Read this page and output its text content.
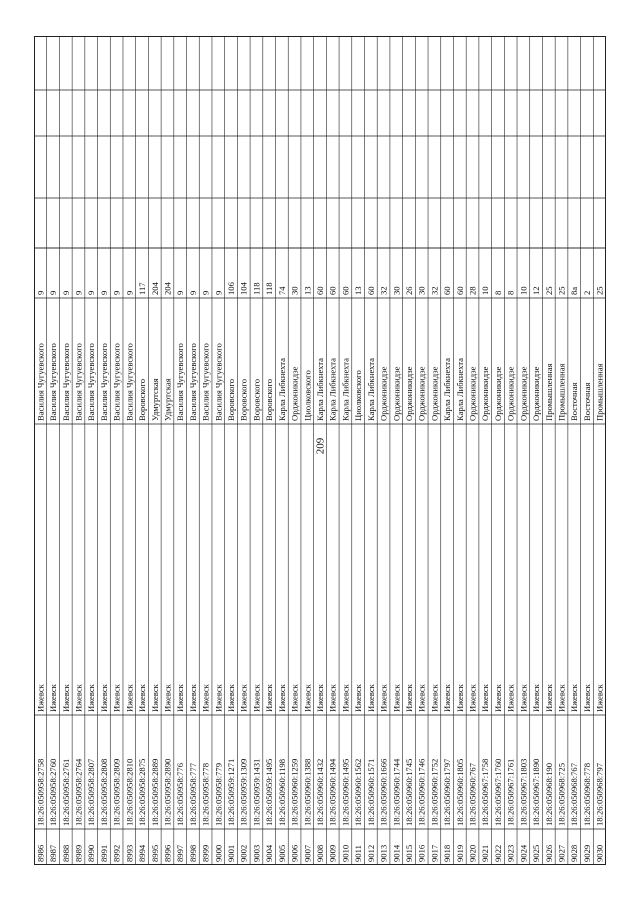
209
8986
18:26:050958:2758
Ижевск
Василия Чугуевского
9
8987
18:26:050958:2760
Ижевск
Василия Чугуевского
9
8988
18:26:050958:2761
Ижевск
Василия Чугуевского
9
8989
18:26:050958:2764
Ижевск
Василия Чугуевского
9
8990
18:26:050958:2807
Ижевск
Василия Чугуевского
9
8991
18:26:050958:2808
Ижевск
Василия Чугуевского
9
8992
18:26:050958:2809
Ижевск
Василия Чугуевского
9
8993
18:26:050958:2810
Ижевск
Василия Чугуевского
9
8994
18:26:050958:2875
Ижевск
Воровского
117
8995
18:26:050958:2889
Ижевск
Удмуртская
204
8996
18:26:050958:2890
Ижевск
Удмуртская
204
8997
18:26:050958:776
Ижевск
Василия Чугуевского
9
8998
18:26:050958:777
Ижевск
Василия Чугуевского
9
8999
18:26:050958:778
Ижевск
Василия Чугуевского
9
9000
18:26:050958:779
Ижевск
Василия Чугуевского
9
9001
18:26:050959:1271
Ижевск
Воровского
106
9002
18:26:050959:1309
Ижевск
Воровского
104
9003
18:26:050959:1431
Ижевск
Воровского
118
9004
18:26:050959:1495
Ижевск
Воровского
118
9005
18:26:050960:1198
Ижевск
Карла Либкнехта
74
9006
18:26:050960:1259
Ижевск
Орджоникидзе
30
9007
18:26:050960:1388
Ижевск
Циолковского
13
9008
18:26:050960:1432
Ижевск
Карла Либкнехта
60
9009
18:26:050960:1494
Ижевск
Карла Либкнехта
60
9010
18:26:050960:1495
Ижевск
Карла Либкнехта
60
9011
18:26:050960:1562
Ижевск
Циолковского
13
9012
18:26:050960:1571
Ижевск
Карла Либкнехта
60
9013
18:26:050960:1666
Ижевск
Орджоникидзе
32
9014
18:26:050960:1744
Ижевск
Орджоникидзе
30
9015
18:26:050960:1745
Ижевск
Орджоникидзе
26
9016
18:26:050960:1746
Ижевск
Орджоникидзе
30
9017
18:26:050960:1752
Ижевск
Орджоникидзе
32
9018
18:26:050960:1797
Ижевск
Карла Либкнехта
60
9019
18:26:050960:1805
Ижевск
Карла Либкнехта
60
9020
18:26:050960:767
Ижевск
Орджоникидзе
28
9021
18:26:050967:1758
Ижевск
Орджоникидзе
10
9022
18:26:050967:1760
Ижевск
Орджоникидзе
8
9023
18:26:050967:1761
Ижевск
Орджоникидзе
8
9024
18:26:050967:1803
Ижевск
Орджоникидзе
10
9025
18:26:050967:1890
Ижевск
Орджоникидзе
12
9026
18:26:050968:190
Ижевск
Промышленная
25
9027
18:26:050968:725
Ижевск
Промышленная
25
9028
18:26:050968:767
Ижевск
Восточная
8а
9029
18:26:050968:778
Ижевск
Восточная
2
9030
18:26:050968:797
Ижевск
Промышленная
25
